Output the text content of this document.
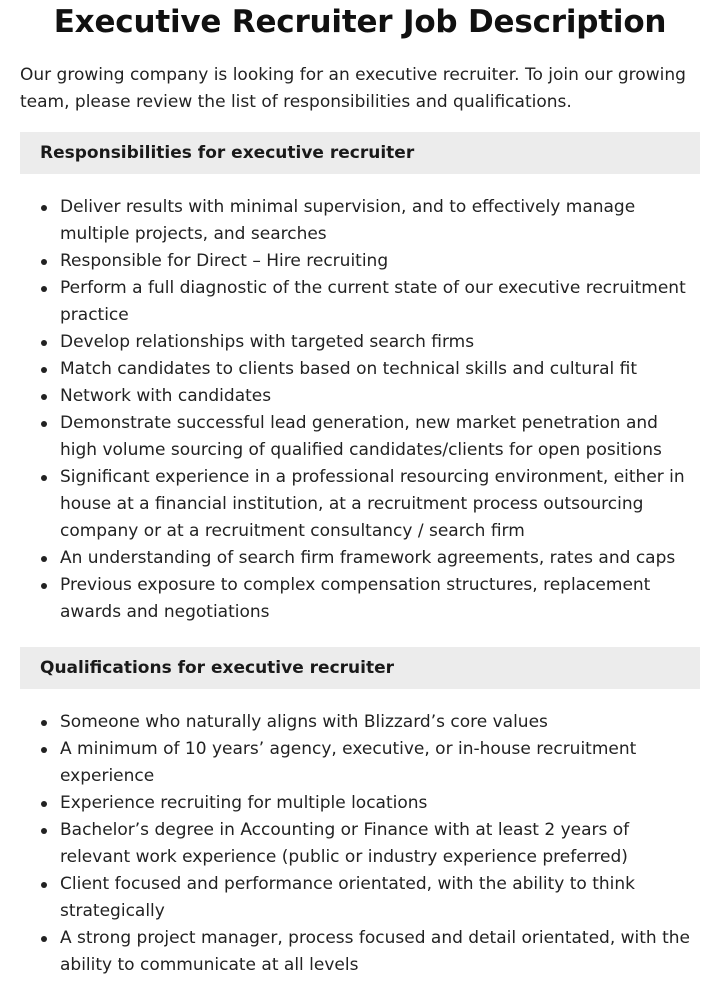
Executive Recruiter Job Description

Our growing company is looking for an executive recruiter. To join our growing team, please review the list of responsibilities and qualifications.

Responsibilities for executive recruiter
Deliver results with minimal supervision, and to effectively manage multiple projects, and searches
Responsible for Direct – Hire recruiting
Perform a full diagnostic of the current state of our executive recruitment practice
Develop relationships with targeted search firms
Match candidates to clients based on technical skills and cultural fit
Network with candidates
Demonstrate successful lead generation, new market penetration and high volume sourcing of qualified candidates/clients for open positions
Significant experience in a professional resourcing environment, either in house at a financial institution, at a recruitment process outsourcing company or at a recruitment consultancy / search firm
An understanding of search firm framework agreements, rates and caps
Previous exposure to complex compensation structures, replacement awards and negotiations
Qualifications for executive recruiter
Someone who naturally aligns with Blizzard’s core values
A minimum of 10 years’ agency, executive, or in-house recruitment experience
Experience recruiting for multiple locations
Bachelor’s degree in Accounting or Finance with at least 2 years of relevant work experience (public or industry experience preferred)
Client focused and performance orientated, with the ability to think strategically
A strong project manager, process focused and detail orientated, with the ability to communicate at all levels
